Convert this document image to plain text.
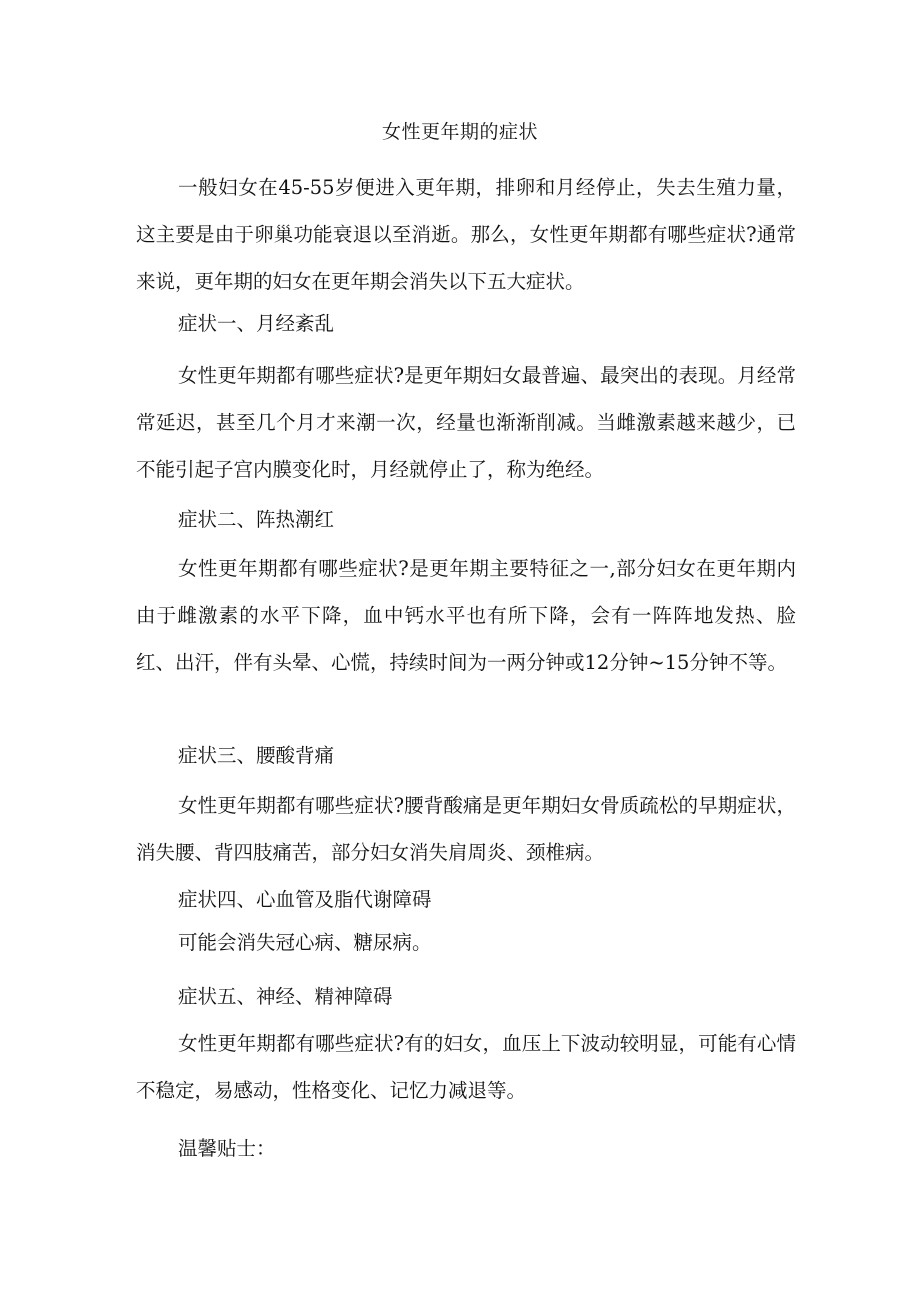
女性更年期的症状

一般妇女在45-55岁便进入更年期，排卵和月经停止，失去生殖力量，这主要是由于卵巢功能衰退以至消逝。那么，女性更年期都有哪些症状?通常来说，更年期的妇女在更年期会消失以下五大症状。

症状一、月经紊乱

女性更年期都有哪些症状?是更年期妇女最普遍、最突出的表现。月经常常延迟，甚至几个月才来潮一次，经量也渐渐削减。当雌激素越来越少，已不能引起子宫内膜变化时，月经就停止了，称为绝经。

症状二、阵热潮红

女性更年期都有哪些症状?是更年期主要特征之一,部分妇女在更年期内由于雌激素的水平下降，血中钙水平也有所下降，会有一阵阵地发热、脸红、出汗，伴有头晕、心慌，持续时间为一两分钟或12分钟~15分钟不等。

症状三、腰酸背痛

女性更年期都有哪些症状?腰背酸痛是更年期妇女骨质疏松的早期症状，消失腰、背四肢痛苦，部分妇女消失肩周炎、颈椎病。

症状四、心血管及脂代谢障碍

可能会消失冠心病、糖尿病。

症状五、神经、精神障碍

女性更年期都有哪些症状?有的妇女，血压上下波动较明显，可能有心情不稳定，易感动，性格变化、记忆力减退等。

温馨贴士：
